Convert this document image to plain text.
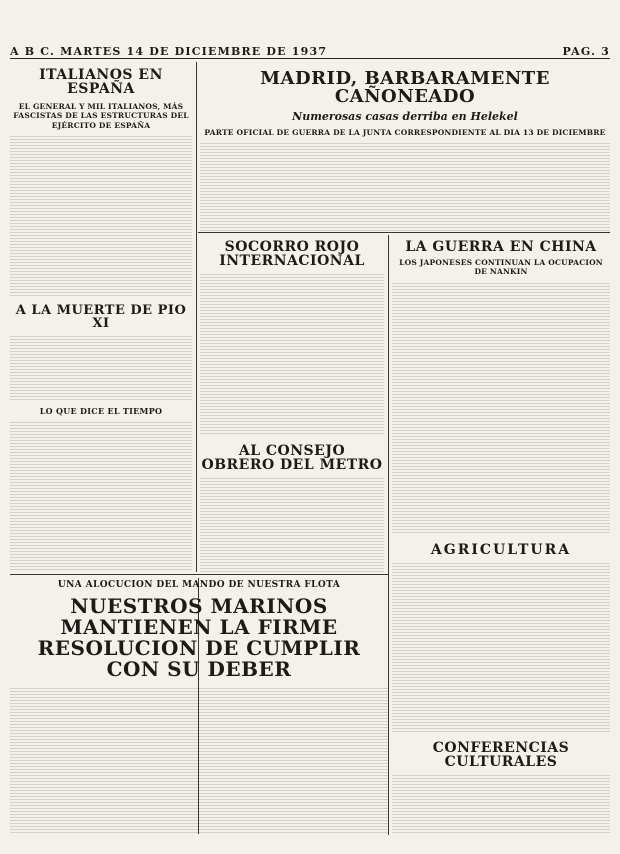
A B C. MARTES 14 DE DICIEMBRE DE 1937	PAG. 3
ITALIANOS EN ESPAÑA
EL GENERAL Y MIL ITALIANOS, MÁS FASCISTAS DE LAS ESTRUCTURAS DEL EJÉRCITO DE ESPAÑA
A LA MUERTE DE PIO XI
LO QUE DICE EL TIEMPO
MADRID, BARBARAMENTE CAÑONEADO
Numerosas casas derriba en Helekel
PARTE OFICIAL DE GUERRA DE LA JUNTA CORRESPONDIENTE AL DIA 13 DE DICIEMBRE
SOCORRO ROJO INTERNACIONAL
AL CONSEJO OBRERO DEL METRO
LA GUERRA EN CHINA
LOS JAPONESES CONTINUAN LA OCUPACION DE NANKIN
AGRICULTURA
CONFERENCIAS CULTURALES
UNA ALOCUCION DEL MANDO DE NUESTRA FLOTA
NUESTROS MARINOS MANTIENEN LA FIRME RESOLUCION DE CUMPLIR CON SU DEBER
